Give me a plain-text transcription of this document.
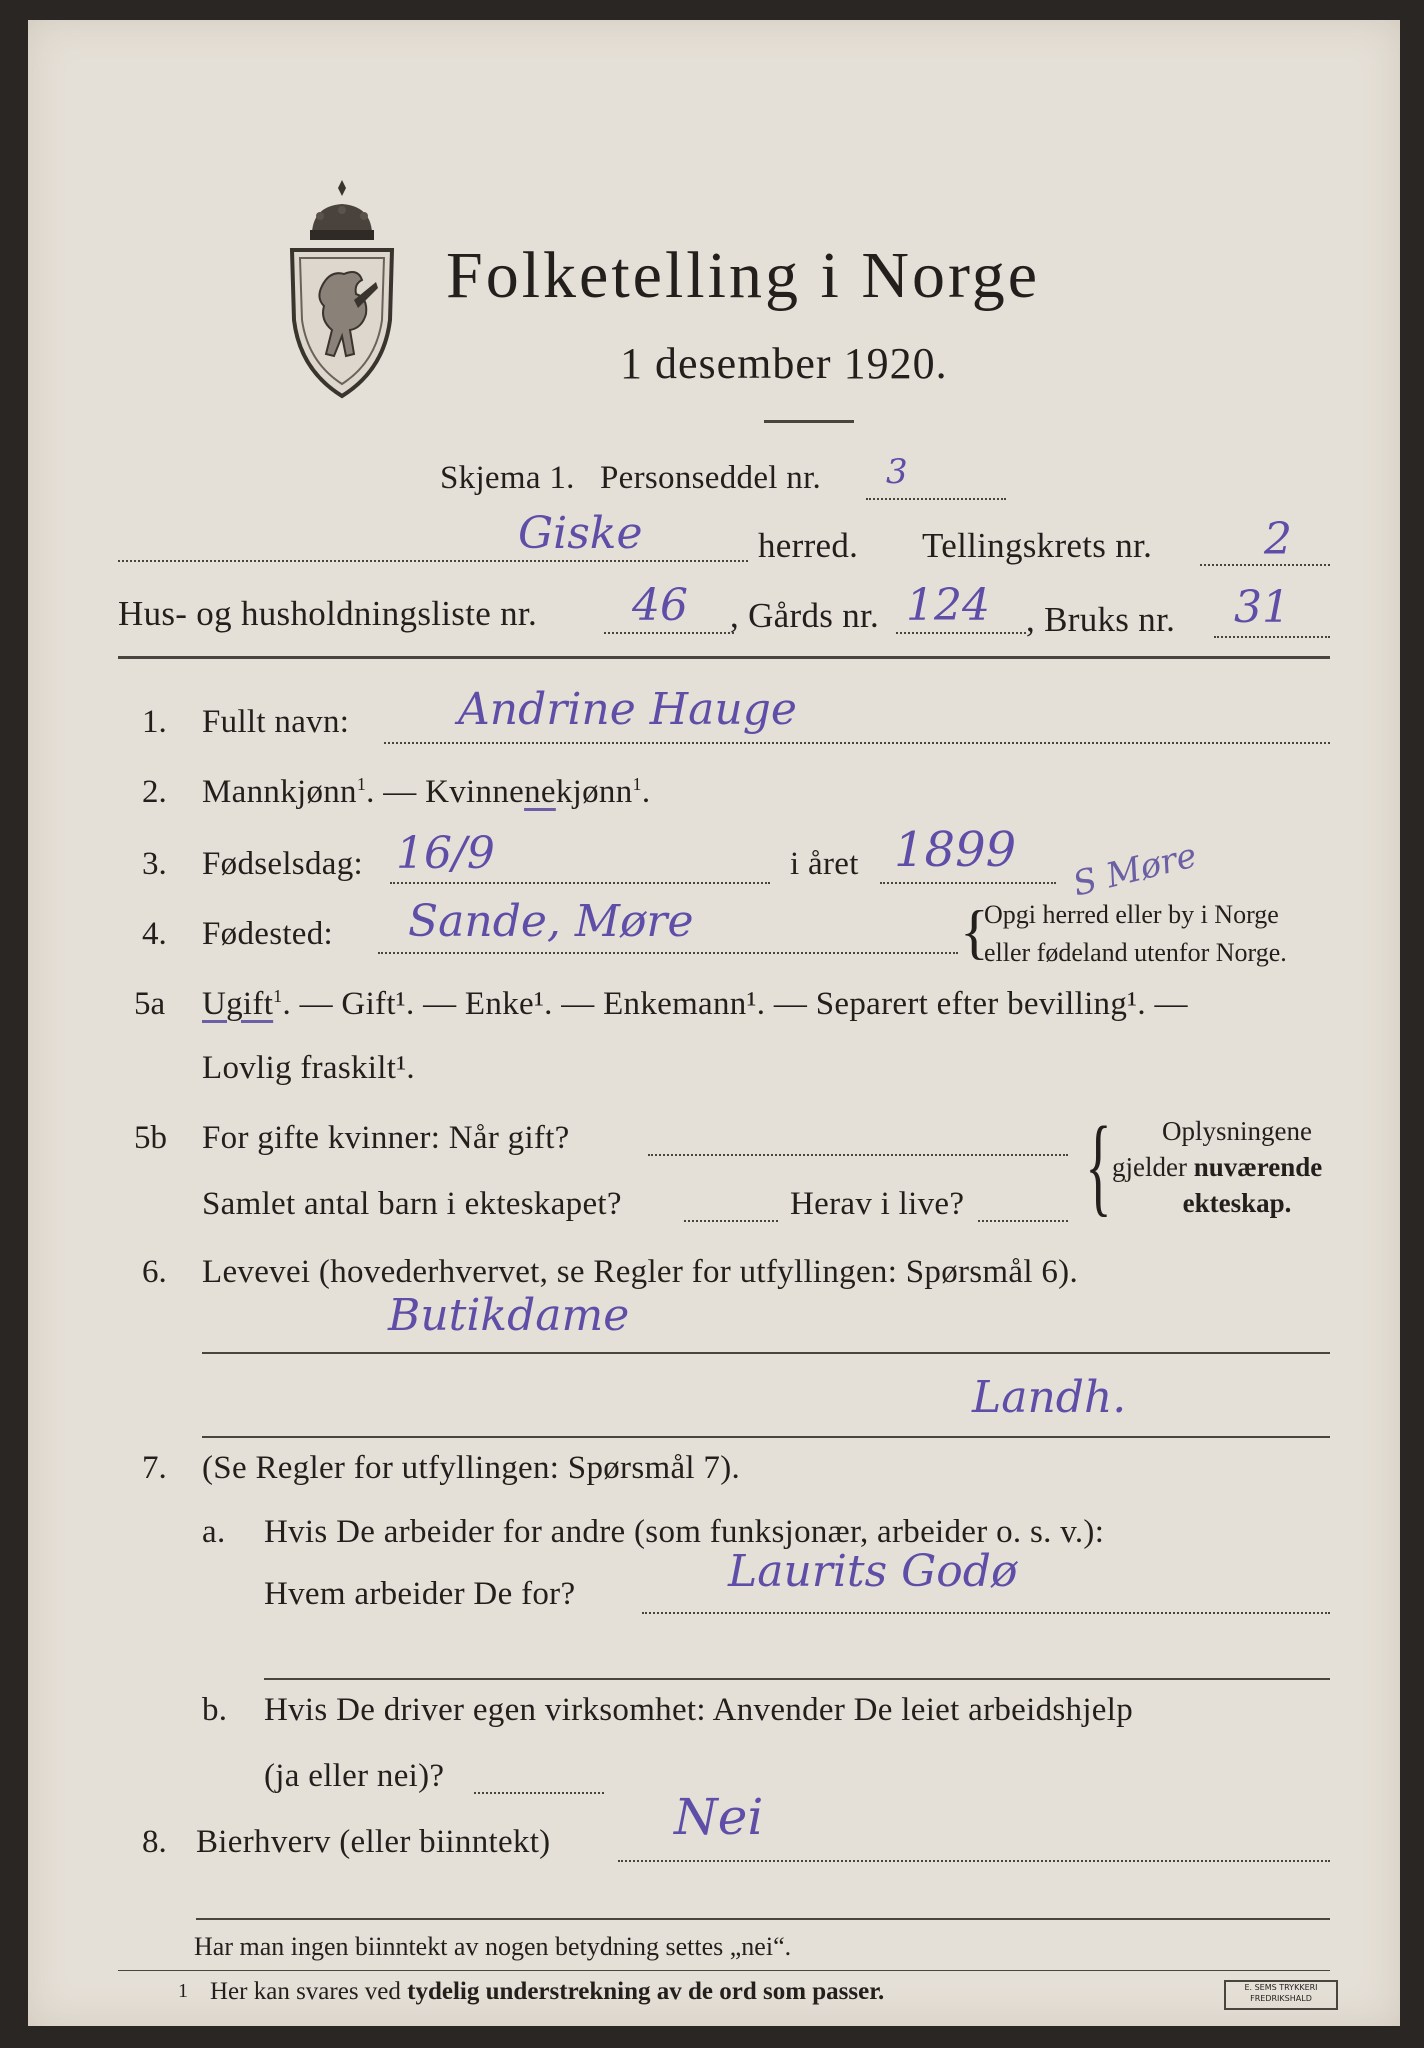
Folketelling i Norge
1 desember 1920.
Skjema 1. Personseddel nr. 3
Giske	herred. Tellingskrets nr.	2
Hus- og husholdningsliste nr. 46 , Gårds nr. 124 , Bruks nr. 31
1. Fullt navn: Andrine Hauge
2. Mannkjønn$^1$. — Kvinnenekjønn$^1$.
3. Fødselsdag: 16/9	i året 1899 S Møre
4. Fødested: Sande, Møre	{
Opgi herred eller by i Norge
eller fødeland utenfor Norge.
5a Ugift$^1$. — Gift¹. — Enke¹. — Enkemann¹. — Separert efter bevilling¹. —
Lovlig fraskilt¹.
5b For gifte kvinner: Når gift?
Samlet antal barn i ekteskapet?	Herav i live? {	Oplysningene
gjelder nuværende
ekteskap.
6. Levevei (hovederhvervet, se Regler for utfyllingen: Spørsmål 6).
Butikdame
Landh.
7. (Se Regler for utfyllingen: Spørsmål 7).
a. Hvis De arbeider for andre (som funksjonær, arbeider o. s. v.):
Hvem arbeider De for?	Laurits Godø
b. Hvis De driver egen virksomhet: Anvender De leiet arbeidshjelp
(ja eller nei)?
8. Bierhverv (eller biinntekt) Nei
Har man ingen biinntekt av nogen betydning settes „nei“.
1 Her kan svares ved tydelig understrekning av de ord som passer.	E. SEMS TRYKKERI
FREDRIKSHALD
